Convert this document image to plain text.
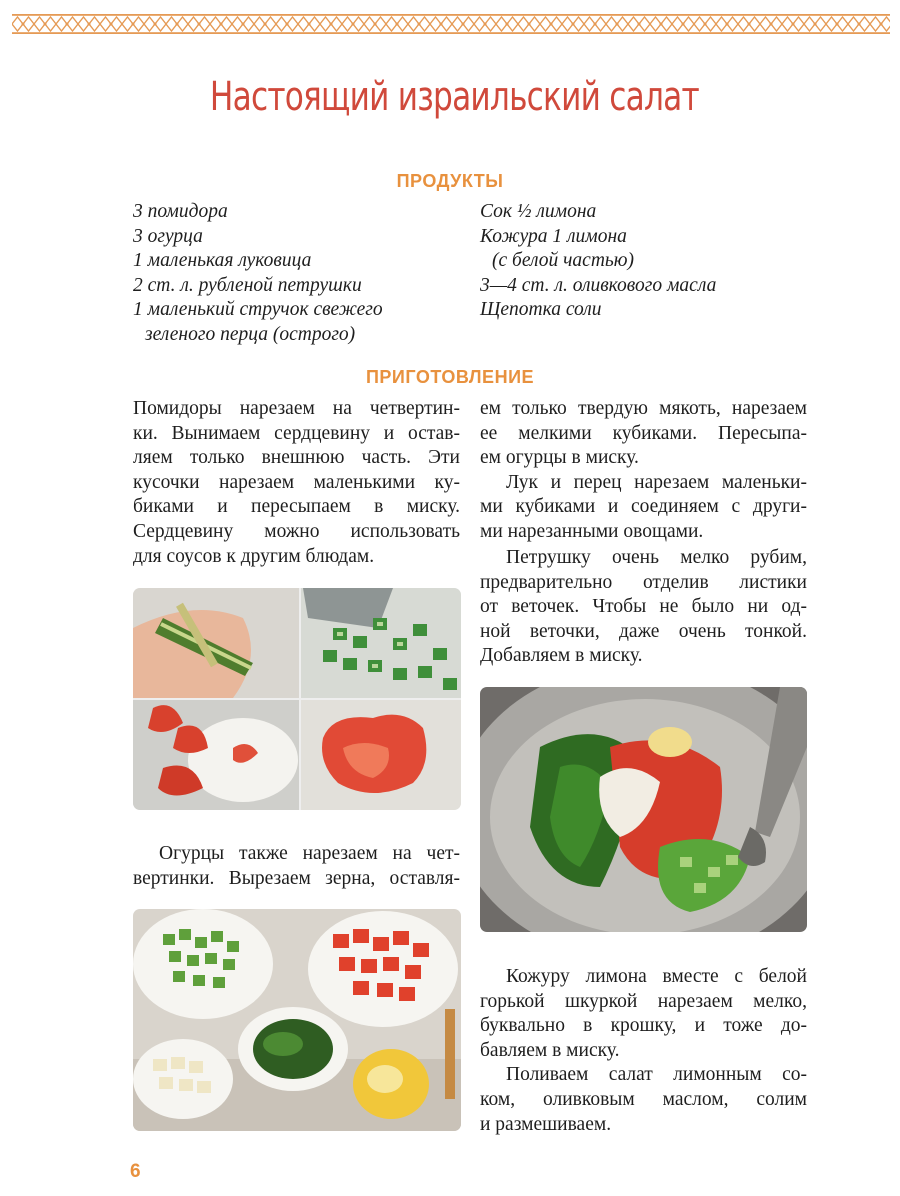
Настоящий израильский салат
ПРОДУКТЫ
3 помидора
3 огурца
1 маленькая луковица
2 ст. л. рубленой петрушки
1 маленький стручок свежего
зеленого перца (острого)
Сок ½ лимона
Кожура 1 лимона
(с белой частью)
3—4 ст. л. оливкового масла
Щепотка соли
ПРИГОТОВЛЕНИЕ
Помидоры нарезаем на четвертин-
ки. Вынимаем сердцевину и остав-
ляем только внешнюю часть. Эти
кусочки нарезаем маленькими ку-
биками и пересыпаем в миску.
Сердцевину можно использовать
для соусов к другим блюдам.
Огурцы также нарезаем на чет-
вертинки. Вырезаем зерна, оставля-
ем только твердую мякоть, нарезаем
ее мелкими кубиками. Пересыпа-
ем огурцы в миску.
Лук и перец нарезаем маленьки-
ми кубиками и соединяем с други-
ми нарезанными овощами.
Петрушку очень мелко рубим,
предварительно отделив листики
от веточек. Чтобы не было ни од-
ной веточки, даже очень тонкой.
Добавляем в миску.
Кожуру лимона вместе с белой
горькой шкуркой нарезаем мелко,
буквально в крошку, и тоже до-
бавляем в миску.
Поливаем салат лимонным со-
ком, оливковым маслом, солим
и размешиваем.
6
